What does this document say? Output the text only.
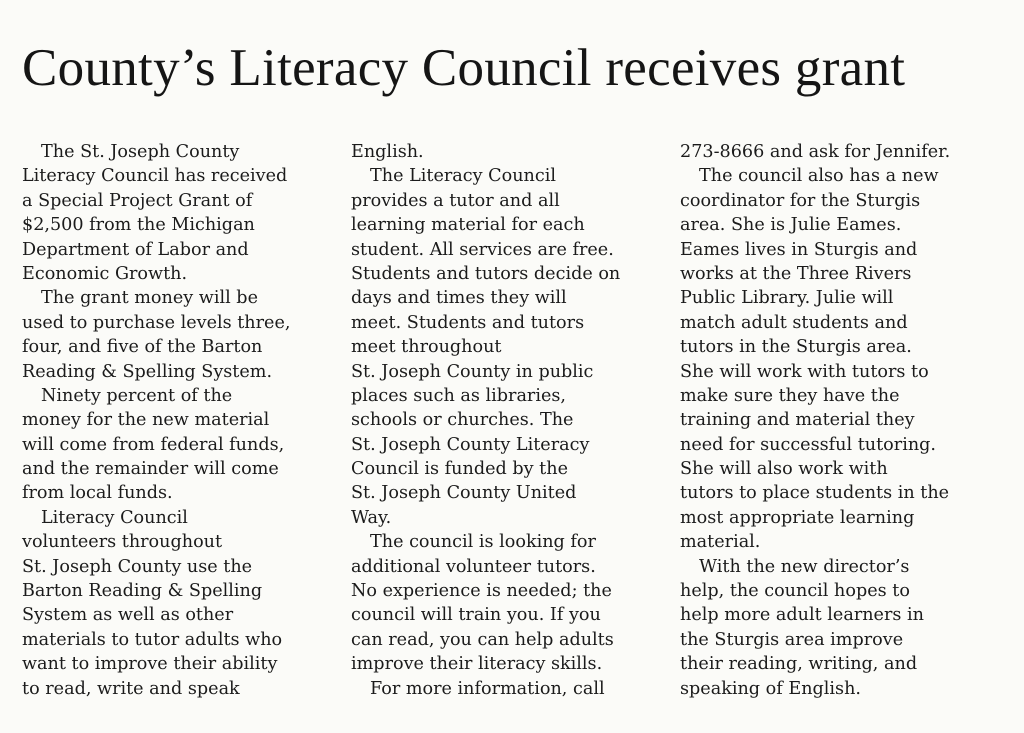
County’s Literacy Council receives grant
The St. Joseph County
Literacy Council has received
a Special Project Grant of
$2,500 from the Michigan
Department of Labor and
Economic Growth.
The grant money will be
used to purchase levels three,
four, and five of the Barton
Reading & Spelling System.
Ninety percent of the
money for the new material
will come from federal funds,
and the remainder will come
from local funds.
Literacy Council
volunteers throughout
St. Joseph County use the
Barton Reading & Spelling
System as well as other
materials to tutor adults who
want to improve their ability
to read, write and speak
English.
The Literacy Council
provides a tutor and all
learning material for each
student. All services are free.
Students and tutors decide on
days and times they will
meet. Students and tutors
meet throughout
St. Joseph County in public
places such as libraries,
schools or churches. The
St. Joseph County Literacy
Council is funded by the
St. Joseph County United
Way.
The council is looking for
additional volunteer tutors.
No experience is needed; the
council will train you. If you
can read, you can help adults
improve their literacy skills.
For more information, call
273-8666 and ask for Jennifer.
The council also has a new
coordinator for the Sturgis
area. She is Julie Eames.
Eames lives in Sturgis and
works at the Three Rivers
Public Library. Julie will
match adult students and
tutors in the Sturgis area.
She will work with tutors to
make sure they have the
training and material they
need for successful tutoring.
She will also work with
tutors to place students in the
most appropriate learning
material.
With the new director’s
help, the council hopes to
help more adult learners in
the Sturgis area improve
their reading, writing, and
speaking of English.
